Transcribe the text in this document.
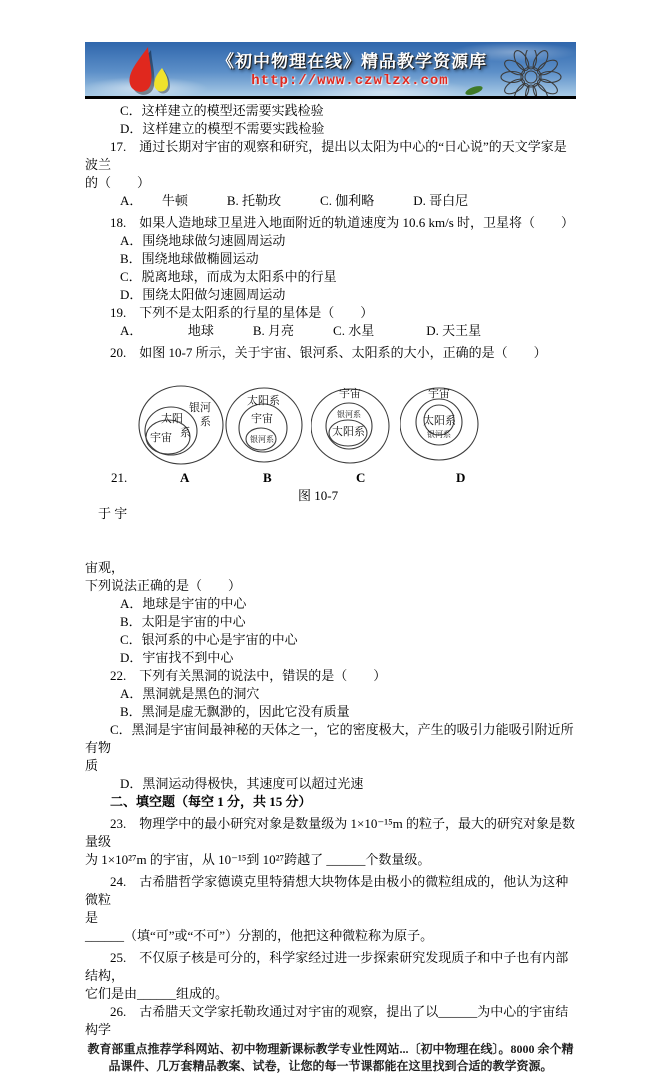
《初中物理在线》精品教学资源库
http://www.czwlzx.com
C．这样建立的模型还需要实践检验
D．这样建立的模型不需要实践检验
17.　通过长期对宇宙的观察和研究，提出以太阳为中心的“日心说”的天文学家是波兰
的（　　）
A．　　牛顿　　　B. 托勒玫　　　C. 伽利略　　　D. 哥白尼
18.　如果人造地球卫星进入地面附近的轨道速度为 10.6 km/s 时，卫星将（　　）
A．围绕地球做匀速圆周运动
B．围绕地球做椭圆运动
C．脱离地球，而成为太阳系中的行星
D．围绕太阳做匀速圆周运动
19.　下列不是太阳系的行星的星体是（　　）
A．　　　　地球　　　B. 月亮　　　C. 水星　　　　D. 天王星
20.　如图 10-7 所示，关于宇宙、银河系、太阳系的大小，正确的是（　　）
银河
系
太阳
系
宇宙
太阳系
宇宙
银河系
宇宙
银河系
太阳系
宇宙
太阳系
银河系
21.	A	B	C	D

于 宇

图 10-7

宙观，
下列说法正确的是（　　）
A．地球是宇宙的中心
B．太阳是宇宙的中心
C．银河系的中心是宇宙的中心
D．宇宙找不到中心
22.　下列有关黑洞的说法中，错误的是（　　）
A．黑洞就是黑色的洞穴
B．黑洞是虚无飘渺的，因此它没有质量
C．黑洞是宇宙间最神秘的天体之一，它的密度极大，产生的吸引力能吸引附近所有物
质
D．黑洞运动得极快，其速度可以超过光速
二、填空题（每空 1 分，共 15 分）
23.　物理学中的最小研究对象是数量级为 1×10⁻¹⁵m 的粒子，最大的研究对象是数量级
为 1×10²⁷m 的宇宙，从 10⁻¹⁵到 10²⁷跨越了 ______个数量级。
24.　古希腊哲学家德谟克里特猜想大块物体是由极小的微粒组成的，他认为这种微粒
是
______（填“可”或“不可”）分割的，他把这种微粒称为原子。
25.　不仅原子核是可分的，科学家经过进一步探索研究发现质子和中子也有内部结构，
它们是由______组成的。
26.　古希腊天文学家托勒玫通过对宇宙的观察，提出了以______为中心的宇宙结构学
教育部重点推荐学科网站、初中物理新课标教学专业性网站...〔初中物理在线〕。8000 余个精品课件、几万套精品教案、试卷，让您的每一节课都能在这里找到合适的教学资源。
